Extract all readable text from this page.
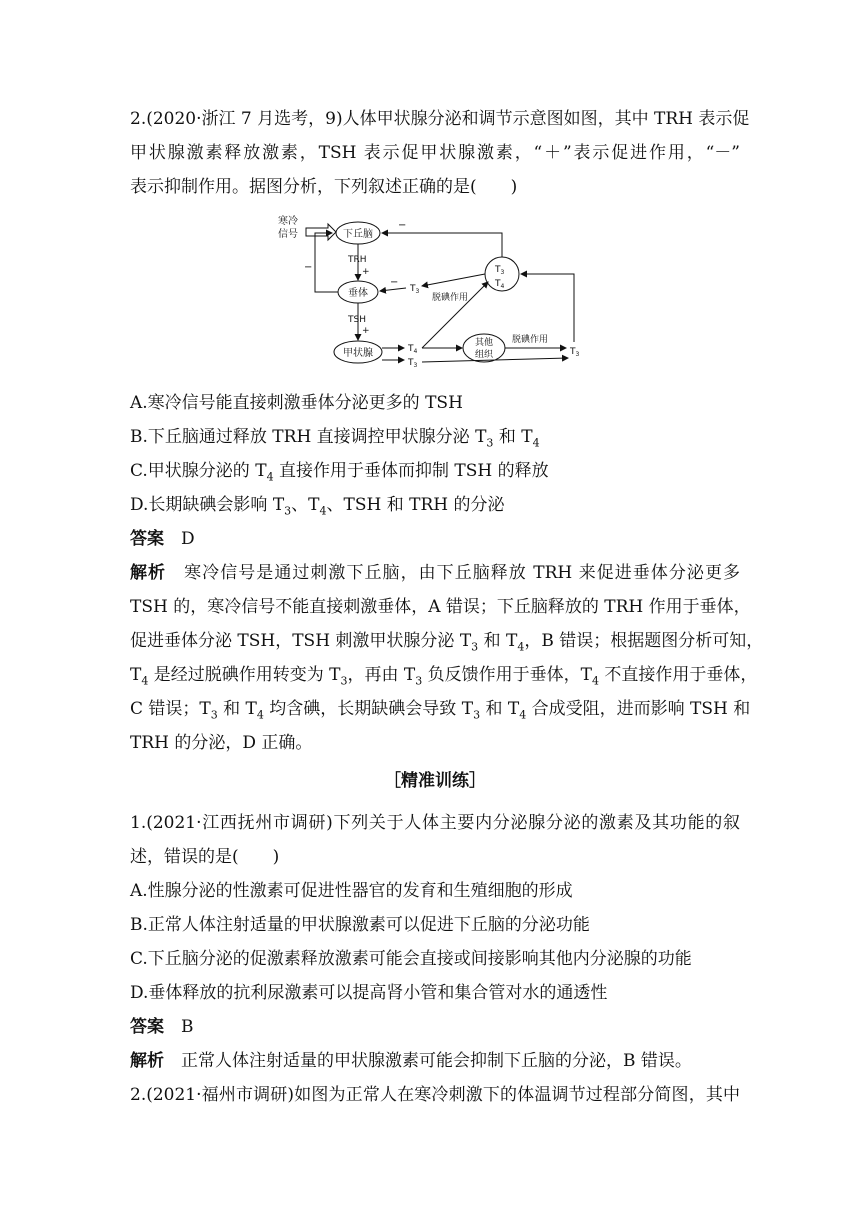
2.(2020·浙江 7 月选考，9)人体甲状腺分泌和调节示意图如图，其中 TRH 表示促
甲状腺激素释放激素，TSH 表示促甲状腺激素，“＋”表示促进作用，“－”
表示抑制作用。据图分析，下列叙述正确的是(　　)
寒冷
信号	下丘脑
TRH
+
垂体
−
TSH
+
甲状腺	$T_4$
$T_3$
$T_3$
$T_4$
−
$T_3$
−
脱碘作用
其他
组织
脱碘作用
$T_3$
A.寒冷信号能直接刺激垂体分泌更多的 TSH
B.下丘脑通过释放 TRH 直接调控甲状腺分泌 $T_3$ 和 $T_4$
C.甲状腺分泌的 $T_4$ 直接作用于垂体而抑制 TSH 的释放
D.长期缺碘会影响 $T_3$、$T_4$、TSH 和 TRH 的分泌
答案　 D
解析　 寒冷信号是通过刺激下丘脑，由下丘脑释放 TRH 来促进垂体分泌更多
TSH 的，寒冷信号不能直接刺激垂体，A 错误；下丘脑释放的 TRH 作用于垂体，
促进垂体分泌 TSH，TSH 刺激甲状腺分泌 $T_3$ 和 $T_4$，B 错误；根据题图分析可知，
$T_4$ 是经过脱碘作用转变为 $T_3$，再由 $T_3$ 负反馈作用于垂体，$T_4$ 不直接作用于垂体，
C 错误；$T_3$ 和 $T_4$ 均含碘，长期缺碘会导致 $T_3$ 和 $T_4$ 合成受阻，进而影响 TSH 和
TRH 的分泌，D 正确。
［精准训练］
1.(2021·江西抚州市调研)下列关于人体主要内分泌腺分泌的激素及其功能的叙
述，错误的是(　　)
A.性腺分泌的性激素可促进性器官的发育和生殖细胞的形成
B.正常人体注射适量的甲状腺激素可以促进下丘脑的分泌功能
C.下丘脑分泌的促激素释放激素可能会直接或间接影响其他内分泌腺的功能
D.垂体释放的抗利尿激素可以提高肾小管和集合管对水的通透性
答案　 B
解析　 正常人体注射适量的甲状腺激素可能会抑制下丘脑的分泌，B 错误。
2.(2021·福州市调研)如图为正常人在寒冷刺激下的体温调节过程部分简图，其中
